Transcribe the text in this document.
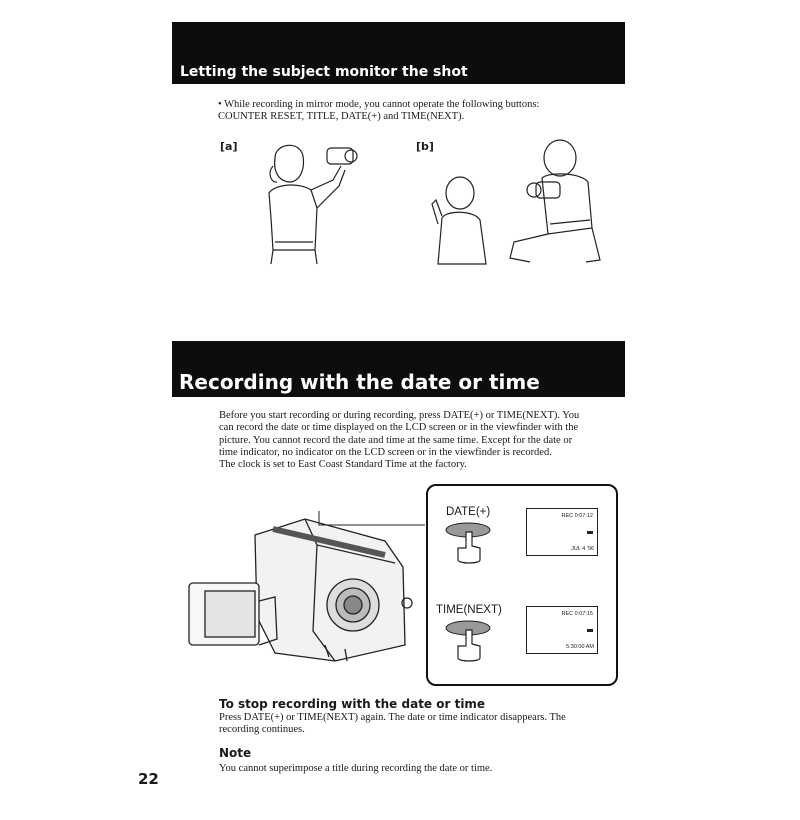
Letting the subject monitor the shot
• While recording in mirror mode, you cannot operate the following buttons:
COUNTER RESET, TITLE, DATE(+) and TIME(NEXT).
[a]	[b]
Recording with the date or time
Before you start recording or during recording, press DATE(+) or TIME(NEXT). You
can record the date or time displayed on the LCD screen or in the viewfinder with the
picture. You cannot record the date and time at the same time. Except for the date or
time indicator, no indicator on the LCD screen or in the viewfinder is recorded.
The clock is set to East Coast Standard Time at the factory.
DATE(+)	REC 0:07:12
JUL 4 '96
TIME(NEXT)	REC 0:07:15
5:30:00 AM
To stop recording with the date or time
Press DATE(+) or TIME(NEXT) again. The date or time indicator disappears. The
recording continues.
Note
You cannot superimpose a title during recording the date or time.
22
